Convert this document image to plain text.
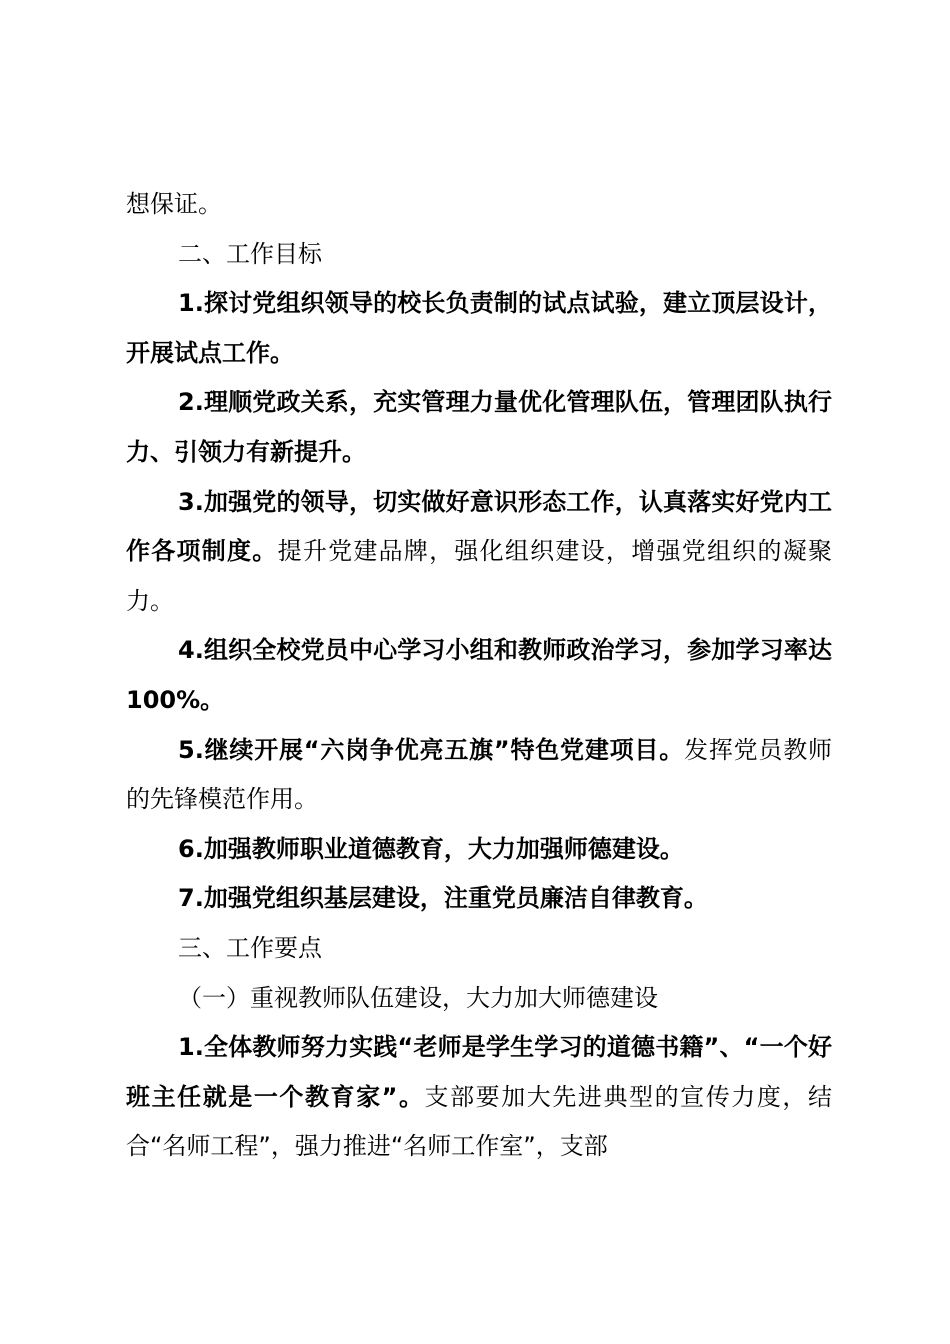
想保证。

二、工作目标

1.探讨党组织领导的校长负责制的试点试验，建立顶层设计，开展试点工作。

2.理顺党政关系，充实管理力量优化管理队伍，管理团队执行力、引领力有新提升。

3.加强党的领导，切实做好意识形态工作，认真落实好党内工作各项制度。提升党建品牌，强化组织建设，增强党组织的凝聚力。

4.组织全校党员中心学习小组和教师政治学习，参加学习率达 100%。

5.继续开展“六岗争优亮五旗”特色党建项目。发挥党员教师的先锋模范作用。

6.加强教师职业道德教育，大力加强师德建设。

7.加强党组织基层建设，注重党员廉洁自律教育。

三、工作要点

（一）重视教师队伍建设，大力加大师德建设

1.全体教师努力实践“老师是学生学习的道德书籍”、“一个好班主任就是一个教育家”。支部要加大先进典型的宣传力度，结合“名师工程”，强力推进“名师工作室”，支部
